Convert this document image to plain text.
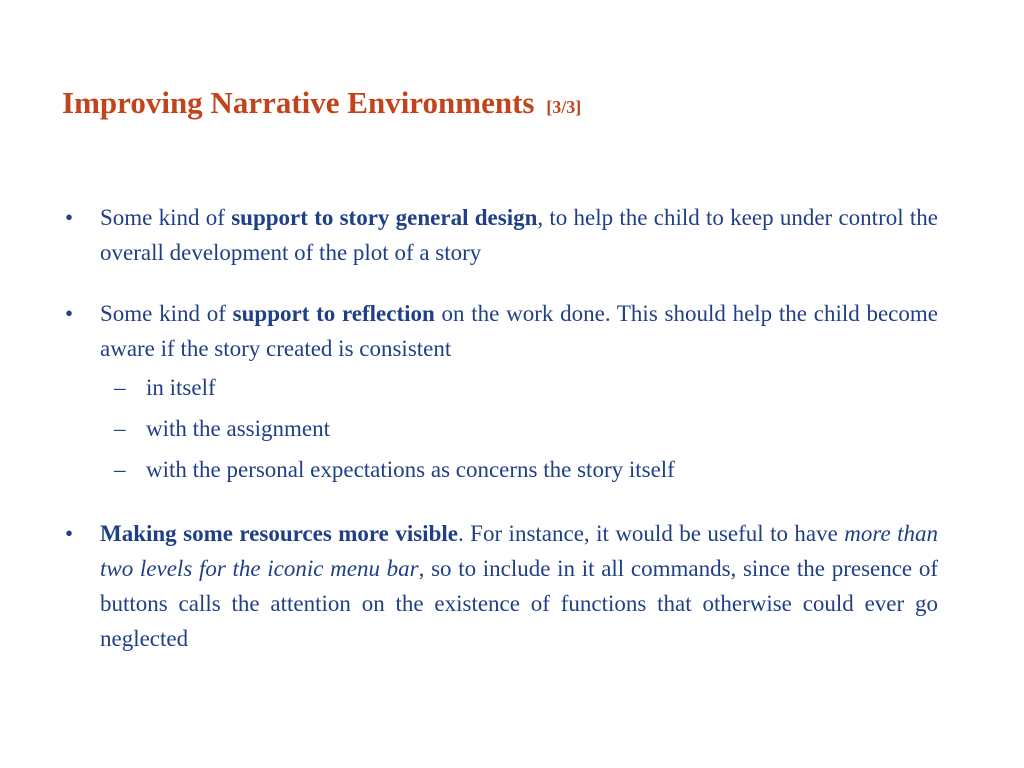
Improving Narrative Environments [3/3]
• Some kind of support to story general design, to help the child to keep under control the overall development of the plot of a story
• Some kind of support to reflection on the work done. This should help the child become aware if the story created is consistent
– in itself
– with the assignment
– with the personal expectations as concerns the story itself
• Making some resources more visible. For instance, it would be useful to have more than two levels for the iconic menu bar, so to include in it all commands, since the presence of buttons calls the attention on the existence of functions that otherwise could ever go neglected
